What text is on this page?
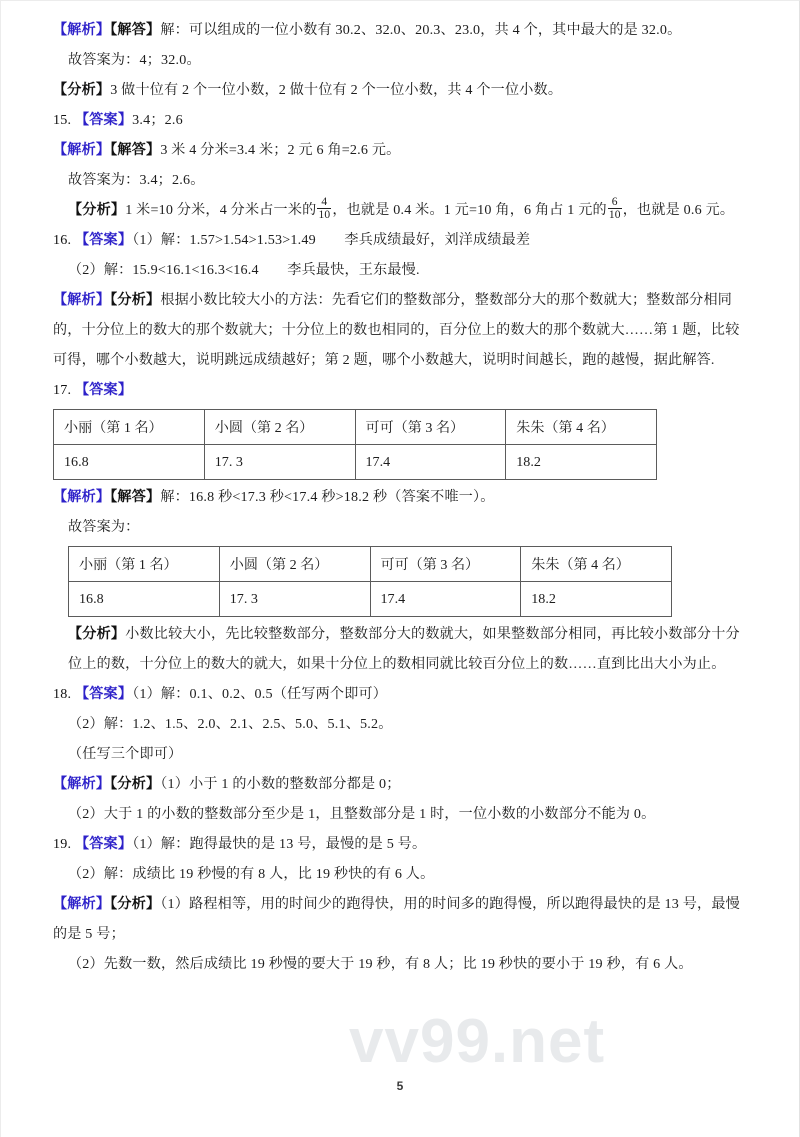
vv99.net
【解析】【解答】解：可以组成的一位小数有 30.2、32.0、20.3、23.0，共 4 个，其中最大的是 32.0。
故答案为：4；32.0。
【分析】3 做十位有 2 个一位小数，2 做十位有 2 个一位小数，共 4 个一位小数。
15. 【答案】3.4；2.6
【解析】【解答】3 米 4 分米=3.4 米；2 元 6 角=2.6 元。
故答案为：3.4；2.6。
【分析】1 米=10 分米，4 分米占一米的 $\frac{4}{10}$ ，也就是 0.4 米。1 元=10 角，6 角占 1 元的 $\frac{6}{10}$ ，也就是 0.6 元。
16. 【答案】（1）解：1.57>1.54>1.53>1.49　　李兵成绩最好，刘洋成绩最差
（2）解：15.9<16.1<16.3<16.4　　李兵最快，王东最慢.
【解析】【分析】根据小数比较大小的方法：先看它们的整数部分，整数部分大的那个数就大；整数部分相同的，十分位上的数大的那个数就大；十分位上的数也相同的，百分位上的数大的那个数就大……第 1 题，比较可得，哪个小数越大，说明跳远成绩越好；第 2 题，哪个小数越大，说明时间越长，跑的越慢，据此解答.
17. 【答案】
小丽（第 1 名）	小圆（第 2 名）	可可（第 3 名）	朱朱（第 4 名）
16.8	17. 3	17.4	18.2
【解析】【解答】解：16.8 秒<17.3 秒<17.4 秒>18.2 秒（答案不唯一）。
故答案为：
小丽（第 1 名）	小圆（第 2 名）	可可（第 3 名）	朱朱（第 4 名）
16.8	17. 3	17.4	18.2
【分析】小数比较大小，先比较整数部分，整数部分大的数就大，如果整数部分相同，再比较小数部分十分位上的数，十分位上的数大的就大，如果十分位上的数相同就比较百分位上的数……直到比出大小为止。
18. 【答案】（1）解：0.1、0.2、0.5（任写两个即可）
（2）解：1.2、1.5、2.0、2.1、2.5、5.0、5.1、5.2。
（任写三个即可）
【解析】【分析】（1）小于 1 的小数的整数部分都是 0；
（2）大于 1 的小数的整数部分至少是 1，且整数部分是 1 时，一位小数的小数部分不能为 0。
19. 【答案】（1）解：跑得最快的是 13 号，最慢的是 5 号。
（2）解：成绩比 19 秒慢的有 8 人，比 19 秒快的有 6 人。
【解析】【分析】（1）路程相等，用的时间少的跑得快，用的时间多的跑得慢，所以跑得最快的是 13 号，最慢的是 5 号；
（2）先数一数，然后成绩比 19 秒慢的要大于 19 秒，有 8 人；比 19 秒快的要小于 19 秒，有 6 人。
5
